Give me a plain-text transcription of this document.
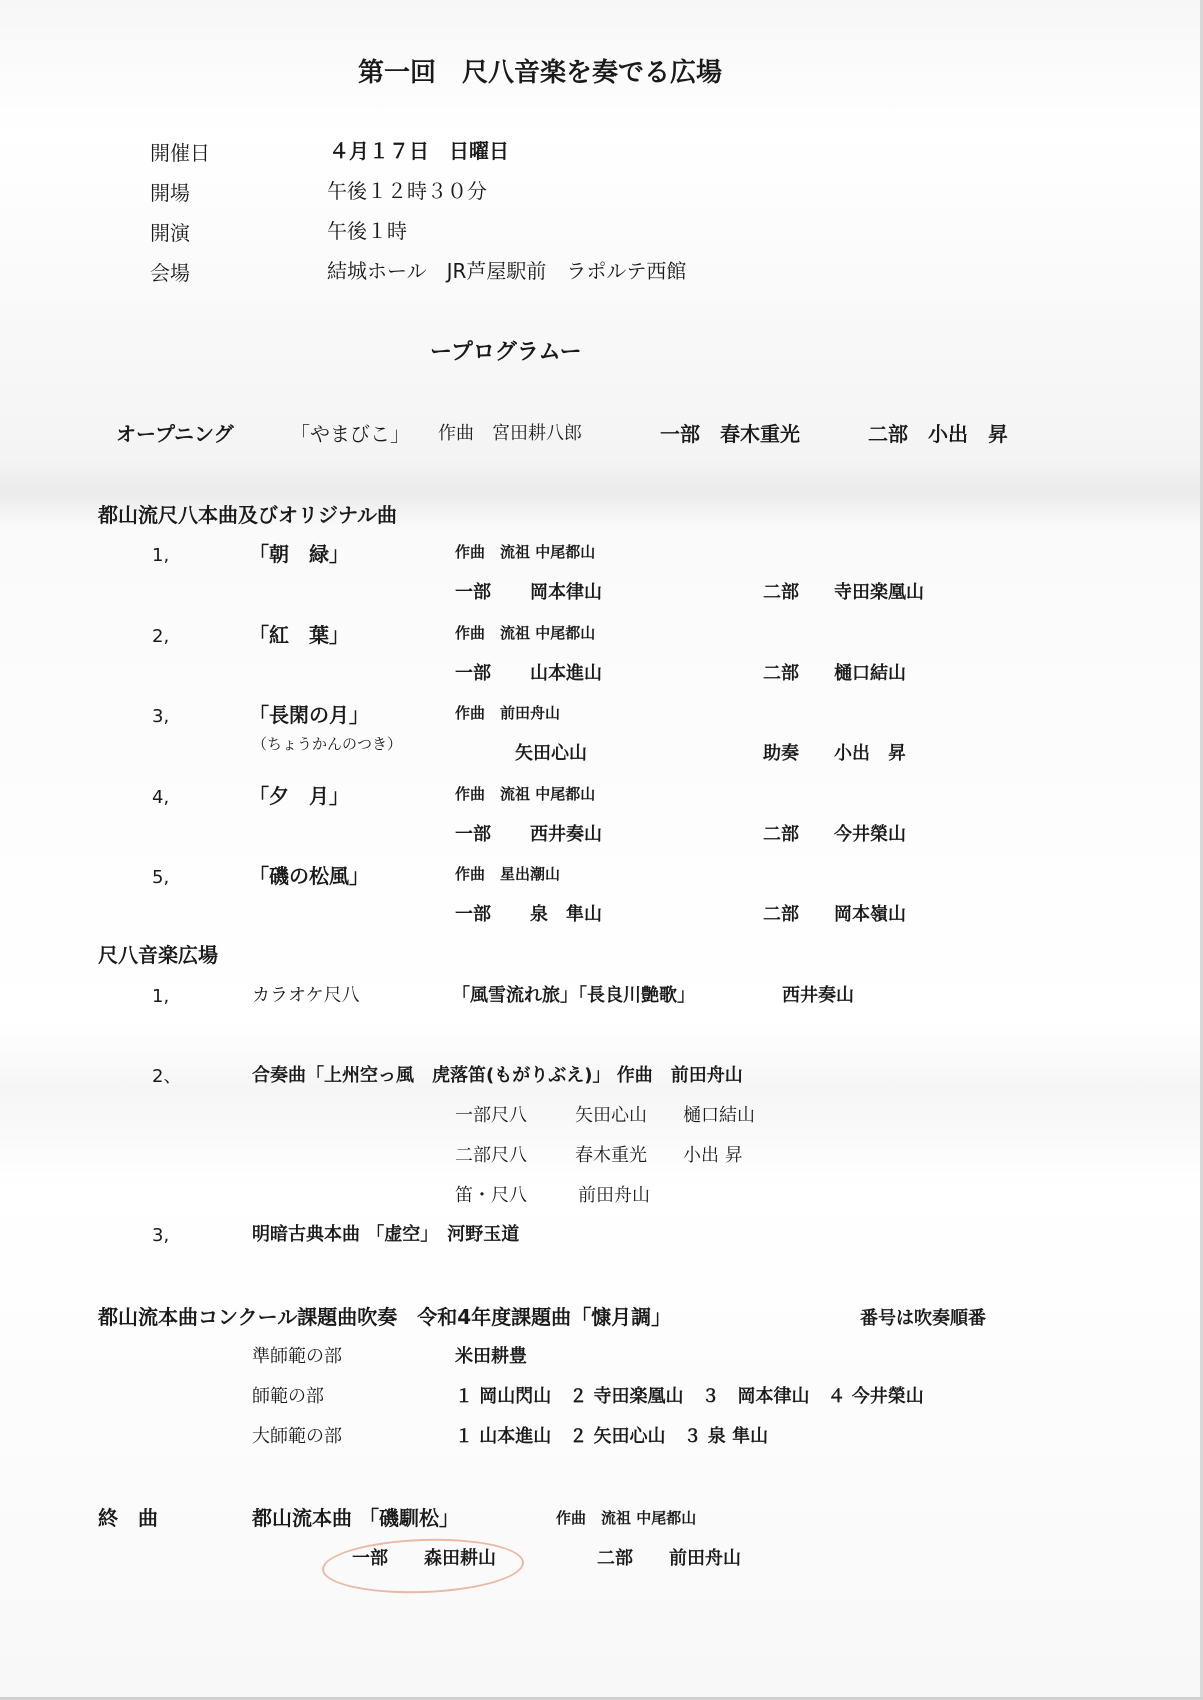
第一回　尺八音楽を奏でる広場
開催日	４月１７日　日曜日
開場	午後１２時３０分
開演	午後１時
会場	結城ホール　JR芦屋駅前　ラポルテ西館
ープログラムー
オープニング	「やまびこ」 作曲　宮田耕八郎	一部　春木重光	二部　小出　昇
都山流尺八本曲及びオリジナル曲
1,	「朝　緑」	作曲　流祖 中尾都山
一部 岡本律山	二部 寺田楽凰山
2,	「紅　葉」	作曲　流祖 中尾都山
一部 山本進山	二部 樋口結山
3,	「長閑の月」
（ちょうかんのつき）
作曲　前田舟山
矢田心山	助奏 小出　昇
4,	「夕　月」	作曲　流祖 中尾都山
一部 西井奏山	二部 今井榮山
5,	「磯の松風」	作曲　星出潮山
一部 泉　隼山	二部 岡本嶺山
尺八音楽広場
1,	カラオケ尺八	「風雪流れ旅」「長良川艶歌」	西井奏山
2、	合奏曲「上州空っ風　虎落笛(もがりぶえ)」 作曲　前田舟山
一部尺八	矢田心山　　樋口結山
二部尺八	春木重光　　小出 昇
笛・尺八	前田舟山
3,	明暗古典本曲 「虚空」　河野玉道
都山流本曲コンクール課題曲吹奏　令和4年度課題曲「慷月調」	番号は吹奏順番
準師範の部	米田耕豊
師範の部	１ 岡山閃山　２ 寺田楽凰山　３　岡本律山　４ 今井榮山
大師範の部	１ 山本進山　２ 矢田心山　３ 泉 隼山
終　曲	都山流本曲 「磯馴松」	作曲　流祖 中尾都山
一部　　森田耕山	二部　　前田舟山
